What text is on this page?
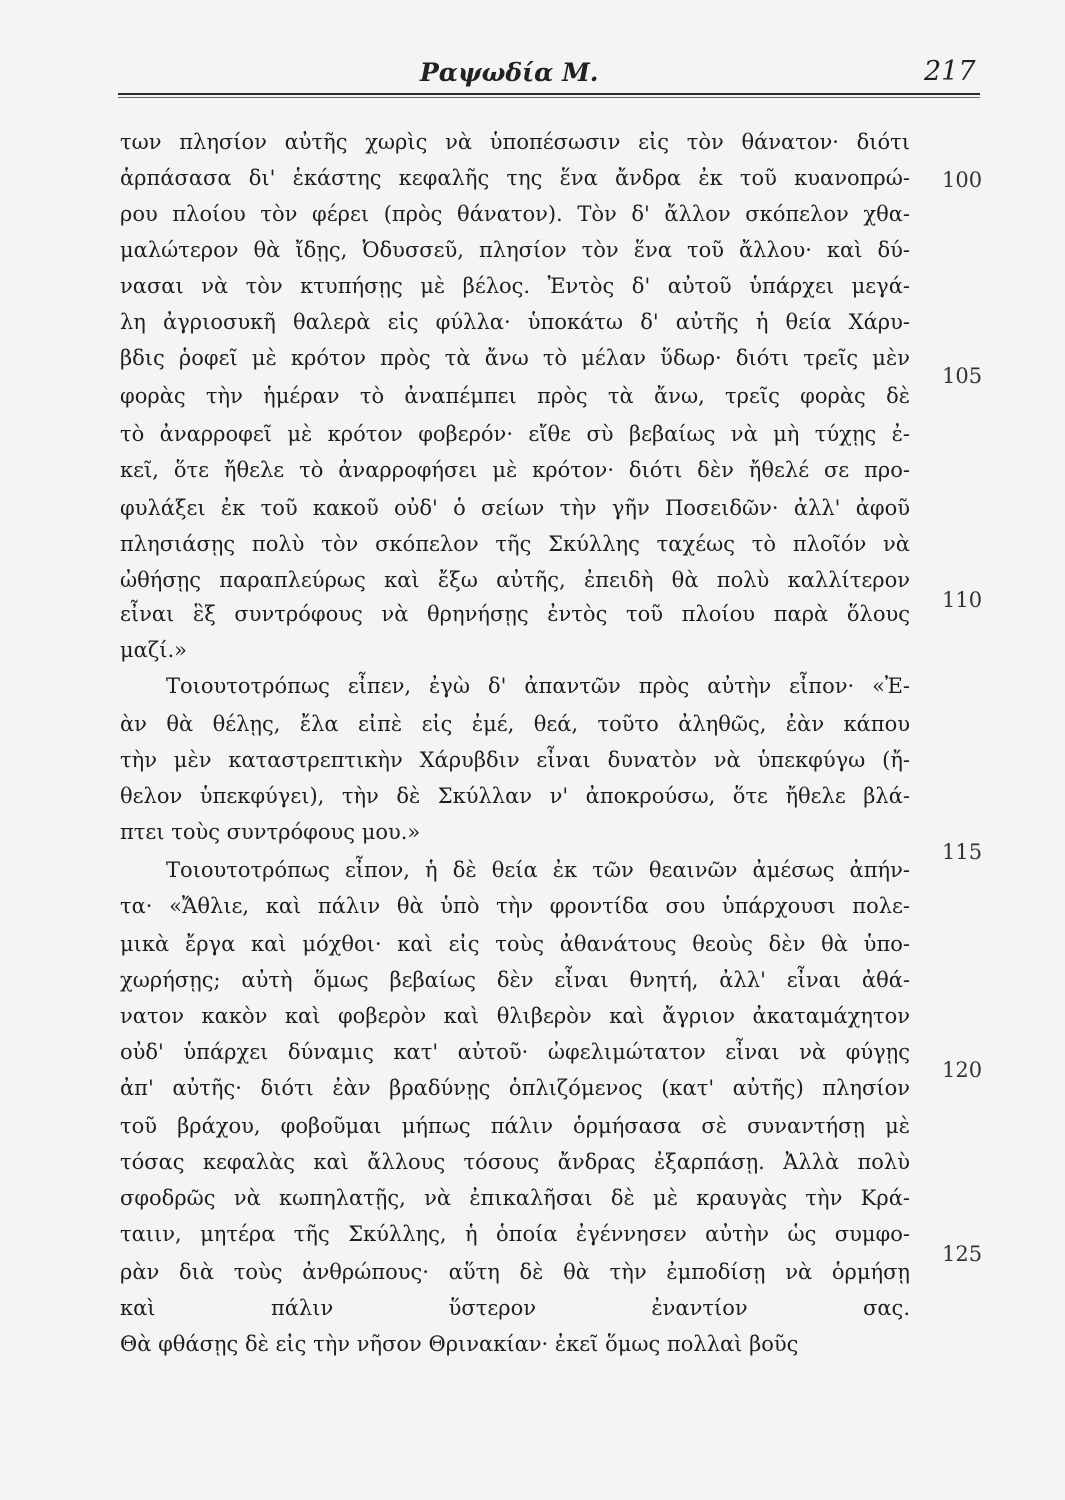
Ραψωδία Μ.	217
των πλησίον αὐτῆς χωρὶς νὰ ὑποπέσωσιν εἰς τὸν θάνατον· διότι
ἁρπάσασα δι' ἑκάστης κεφαλῆς της ἕνα ἄνδρα ἐκ τοῦ κυανοπρώ-
ρου πλοίου τὸν φέρει (πρὸς θάνατον). Τὸν δ' ἄλλον σκόπελον χθα-
μαλώτερον θὰ ἴδῃς, Ὀδυσσεῦ, πλησίον τὸν ἕνα τοῦ ἄλλου· καὶ δύ-
νασαι νὰ τὸν κτυπήσῃς μὲ βέλος. Ἐντὸς δ' αὐτοῦ ὑπάρχει μεγά-
λη ἀγριοσυκῆ θαλερὰ εἰς φύλλα· ὑποκάτω δ' αὐτῆς ἡ θεία Χάρυ-
βδις ῥοφεῖ μὲ κρότον πρὸς τὰ ἄνω τὸ μέλαν ὕδωρ· διότι τρεῖς μὲν
φορὰς τὴν ἡμέραν τὸ ἀναπέμπει πρὸς τὰ ἄνω, τρεῖς φορὰς δὲ
τὸ ἀναρροφεῖ μὲ κρότον φοβερόν· εἴθε σὺ βεβαίως νὰ μὴ τύχῃς ἐ-
κεῖ, ὅτε ἤθελε τὸ ἀναρροφήσει μὲ κρότον· διότι δὲν ἤθελέ σε προ-
φυλάξει ἐκ τοῦ κακοῦ οὐδ' ὁ σείων τὴν γῆν Ποσειδῶν· ἀλλ' ἀφοῦ
πλησιάσῃς πολὺ τὸν σκόπελον τῆς Σκύλλης ταχέως τὸ πλοῖόν νὰ
ὠθήσῃς παραπλεύρως καὶ ἔξω αὐτῆς, ἐπειδὴ θὰ πολὺ καλλίτερον
εἶναι ἓξ συντρόφους νὰ θρηνήσῃς ἐντὸς τοῦ πλοίου παρὰ ὅλους
μαζί.»
Τοιουτοτρόπως εἶπεν, ἐγὼ δ' ἀπαντῶν πρὸς αὐτὴν εἶπον· «Ἐ-
ὰν θὰ θέλῃς, ἔλα εἰπὲ εἰς ἐμέ, θεά, τοῦτο ἀληθῶς, ἐὰν κάπου
τὴν μὲν καταστρεπτικὴν Χάρυβδιν εἶναι δυνατὸν νὰ ὑπεκφύγω (ἤ-
θελον ὑπεκφύγει), τὴν δὲ Σκύλλαν ν' ἀποκρούσω, ὅτε ἤθελε βλά-
πτει τοὺς συντρόφους μου.»
Τοιουτοτρόπως εἶπον, ἡ δὲ θεία ἐκ τῶν θεαινῶν ἀμέσως ἀπήν-
τα· «Ἄθλιε, καὶ πάλιν θὰ ὑπὸ τὴν φροντίδα σου ὑπάρχουσι πολε-
μικὰ ἔργα καὶ μόχθοι· καὶ εἰς τοὺς ἀθανάτους θεοὺς δὲν θὰ ὑπο-
χωρήσῃς; αὐτὴ ὅμως βεβαίως δὲν εἶναι θνητή, ἀλλ' εἶναι ἀθά-
νατον κακὸν καὶ φοβερὸν καὶ θλιβερὸν καὶ ἄγριον ἀκαταμάχητον
οὐδ' ὑπάρχει δύναμις κατ' αὐτοῦ· ὠφελιμώτατον εἶναι νὰ φύγῃς
ἀπ' αὐτῆς· διότι ἐὰν βραδύνῃς ὁπλιζόμενος (κατ' αὐτῆς) πλησίον
τοῦ βράχου, φοβοῦμαι μήπως πάλιν ὁρμήσασα σὲ συναντήσῃ μὲ
τόσας κεφαλὰς καὶ ἄλλους τόσους ἄνδρας ἐξαρπάσῃ. Ἀλλὰ πολὺ
σφοδρῶς νὰ κωπηλατῇς, νὰ ἐπικαλῆσαι δὲ μὲ κραυγὰς τὴν Κρά-
ταιιν, μητέρα τῆς Σκύλλης, ἡ ὁποία ἐγέννησεν αὐτὴν ὡς συμφο-
ρὰν διὰ τοὺς ἀνθρώπους· αὕτη δὲ θὰ τὴν ἐμποδίσῃ νὰ ὁρμήσῃ
καὶ πάλιν ὕστερον ἐναντίον σας.
Θὰ φθάσῃς δὲ εἰς τὴν νῆσον Θρινακίαν· ἐκεῖ ὅμως πολλαὶ βοῦς
100
105
110
115
120
125
